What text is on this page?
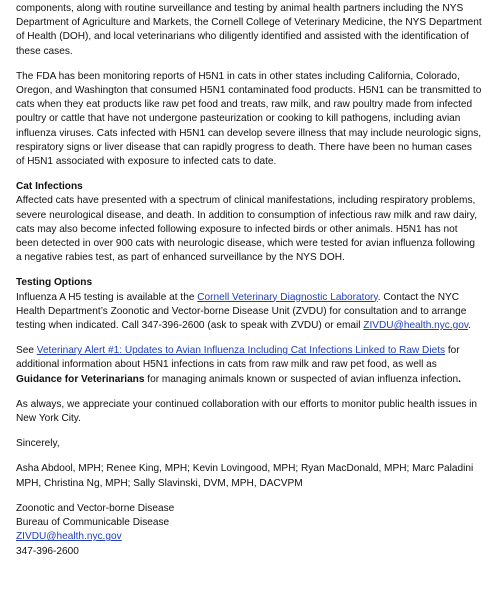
components, along with routine surveillance and testing by animal health partners including the NYS Department of Agriculture and Markets, the Cornell College of Veterinary Medicine, the NYS Department of Health (DOH), and local veterinarians who diligently identified and assisted with the identification of these cases.

The FDA has been monitoring reports of H5N1 in cats in other states including California, Colorado, Oregon, and Washington that consumed H5N1 contaminated food products. H5N1 can be transmitted to cats when they eat products like raw pet food and treats, raw milk, and raw poultry made from infected poultry or cattle that have not undergone pasteurization or cooking to kill pathogens, including avian influenza viruses. Cats infected with H5N1 can develop severe illness that may include neurologic signs, respiratory signs or liver disease that can rapidly progress to death. There have been no human cases of H5N1 associated with exposure to infected cats to date.

Cat Infections
Affected cats have presented with a spectrum of clinical manifestations, including respiratory problems, severe neurological disease, and death. In addition to consumption of infectious raw milk and raw dairy, cats may also become infected following exposure to infected birds or other animals. H5N1 has not been detected in over 900 cats with neurologic disease, which were tested for avian influenza following a negative rabies test, as part of enhanced surveillance by the NYS DOH.
Testing Options
Influenza A H5 testing is available at the Cornell Veterinary Diagnostic Laboratory. Contact the NYC Health Department’s Zoonotic and Vector-borne Disease Unit (ZVDU) for consultation and to arrange testing when indicated. Call 347-396-2600 (ask to speak with ZVDU) or email ZIVDU@health.nyc.gov.

See Veterinary Alert #1: Updates to Avian Influenza Including Cat Infections Linked to Raw Diets for additional information about H5N1 infections in cats from raw milk and raw pet food, as well as Guidance for Veterinarians for managing animals known or suspected of avian influenza infection.

As always, we appreciate your continued collaboration with our efforts to monitor public health issues in New York City.

Sincerely,

Asha Abdool, MPH; Renee King, MPH; Kevin Lovingood, MPH; Ryan MacDonald, MPH; Marc Paladini MPH, Christina Ng, MPH; Sally Slavinski, DVM, MPH, DACVPM

Zoonotic and Vector-borne Disease

Bureau of Communicable Disease

ZIVDU@health.nyc.gov

347-396-2600
